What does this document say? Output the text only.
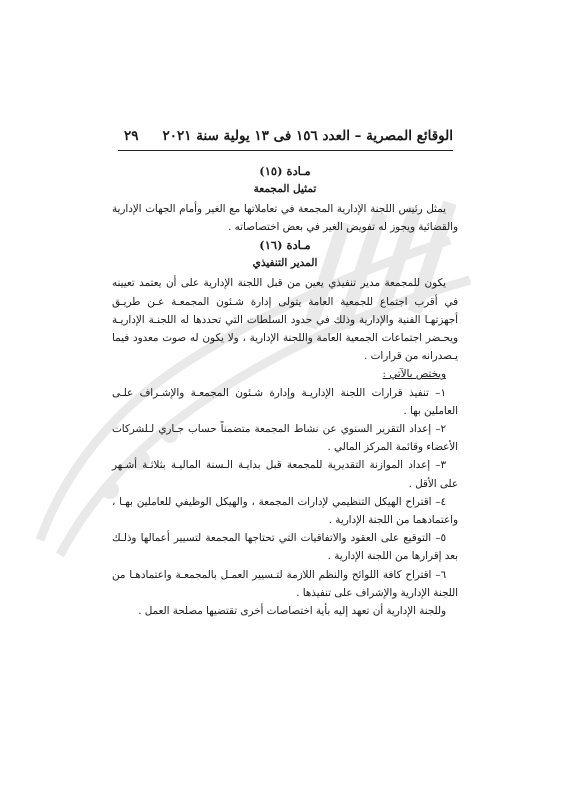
الوقائع المصرية – العدد ١٥٦ فى ١٣ يولية سنة ٢٠٢١
٢٩
مـادة (١٥)
تمثيل المجمعة

يمثل رئيس اللجنة الإدارية المجمعة في تعاملاتها مع الغير وأمام الجهات الإدارية والقضائية ويجوز له تفويض الغير في بعض اختصاصاته .

مـادة (١٦)
المدير التنفيذي

يكون للمجمعة مدير تنفيذي يعين من قبل اللجنة الإدارية على أن يعتمد تعيينه في أقرب اجتماع للجمعية العامة يتولى إدارة شـئون المجمعـة عـن طريـق أجهزتهـا الفنية والإدارية وذلك في حدود السلطات التي تحددها له اللجنـة الإداريـة ويحـضر اجتماعات الجمعية العامة واللجنة الإدارية ، ولا يكون له صوت معدود فيما يـصدرانه من قرارات .

ويختص بالآتي :

١– تنفيذ قرارات اللجنة الإداريـة وإدارة شـئون المجمعـة والإشـراف علـى العاملين بها .

٢– إعداد التقرير السنوي عن نشاط المجمعة متضمناً حساب جـاري لـلشركات الأعضاء وقائمة المركز المالي .

٣– إعداد الموازنة التقديرية للمجمعة قبل بدايـة الـسنة الماليـة بثلاثـة أشـهر على الأقل .

٤– اقتراح الهيكل التنظيمي لإدارات المجمعة ، والهيكل الوظيفي للعاملين بهـا ، واعتمادهما من اللجنة الإدارية .

٥– التوقيع على العقود والاتفاقيات التي تحتاجها المجمعة لتسيير أعمالها وذلـك بعد إقرارها من اللجنة الإدارية .

٦– اقتراح كافة اللوائح والنظم اللازمة لتـسيير العمـل بالمجمعـة واعتمادهـا من اللجنة الإدارية والإشراف على تنفيذها .

وللجنة الإدارية أن تعهد إليه بأية اختصاصات أخرى تقتضيها مصلحة العمل .
